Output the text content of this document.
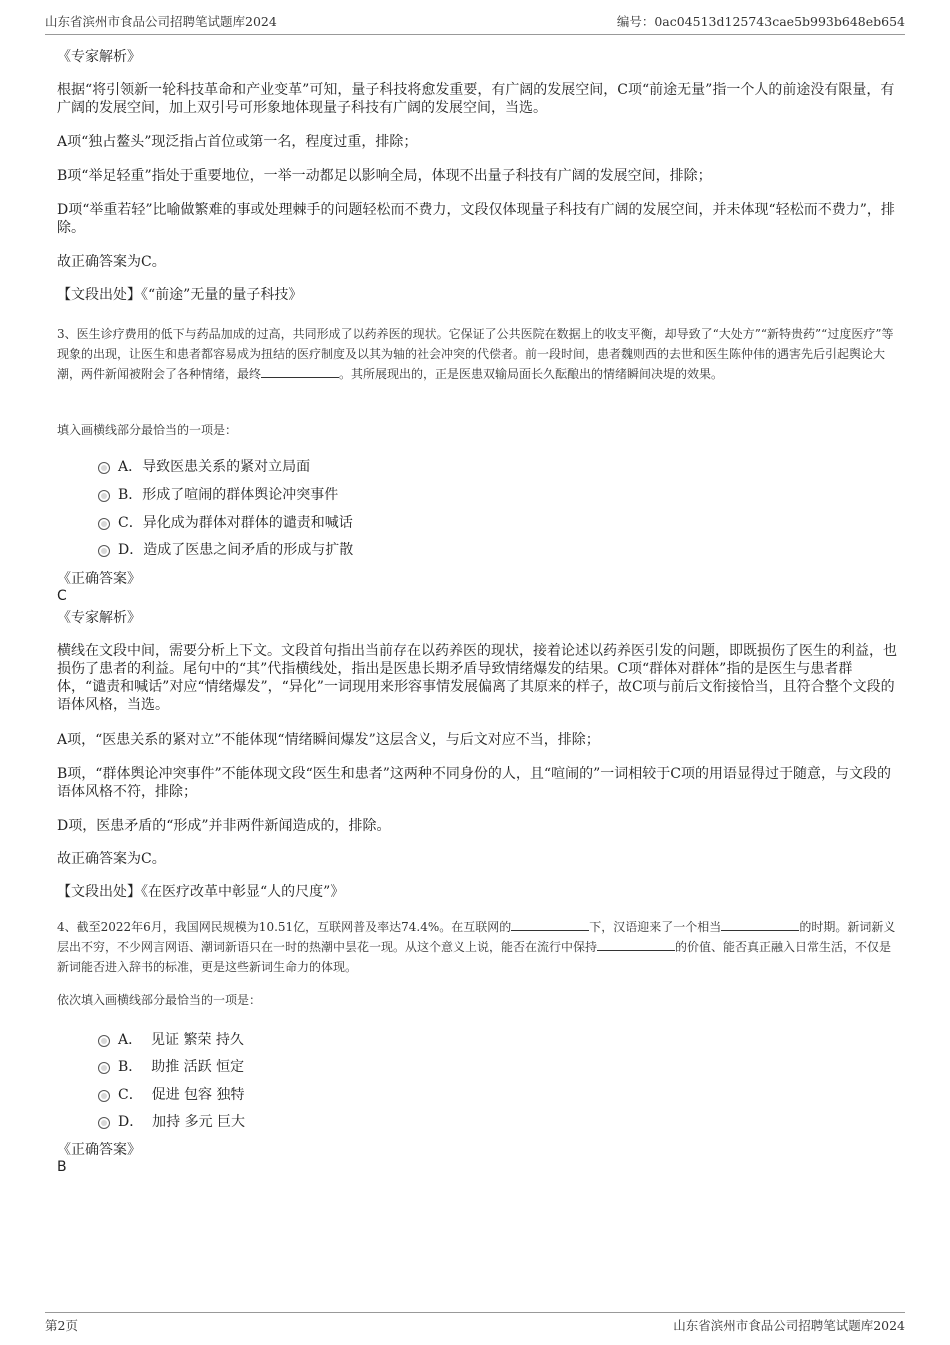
山东省滨州市食品公司招聘笔试题库2024	编号：0ac04513d125743cae5b993b648eb654
《专家解析》
根据“将引领新一轮科技革命和产业变革”可知，量子科技将愈发重要，有广阔的发展空间，C项“前途无量”指一个人的前途没有限量，有广阔的发展空间，加上双引号可形象地体现量子科技有广阔的发展空间，当选。
A项“独占鳌头”现泛指占首位或第一名，程度过重，排除；
B项“举足轻重”指处于重要地位，一举一动都足以影响全局，体现不出量子科技有广阔的发展空间，排除；
D项“举重若轻”比喻做繁难的事或处理棘手的问题轻松而不费力，文段仅体现量子科技有广阔的发展空间，并未体现“轻松而不费力”，排除。
故正确答案为C。
【文段出处】《“前途”无量的量子科技》
3、医生诊疗费用的低下与药品加成的过高，共同形成了以药养医的现状。它保证了公共医院在数据上的收支平衡，却导致了“大处方”“新特贵药”“过度医疗”等现象的出现，让医生和患者都容易成为扭结的医疗制度及以其为轴的社会冲突的代偿者。前一段时间，患者魏则西的去世和医生陈仲伟的遇害先后引起舆论大潮，两件新闻被附会了各种情绪，最终	。其所展现出的，正是医患双输局面长久酝酿出的情绪瞬间决堤的效果。
填入画横线部分最恰当的一项是：
A．导致医患关系的紧对立局面
B．形成了喧闹的群体舆论冲突事件
C．异化成为群体对群体的谴责和喊话
D．造成了医患之间矛盾的形成与扩散
《正确答案》
C
《专家解析》
横线在文段中间，需要分析上下文。文段首句指出当前存在以药养医的现状，接着论述以药养医引发的问题，即既损伤了医生的利益，也损伤了患者的利益。尾句中的“其”代指横线处，指出是医患长期矛盾导致情绪爆发的结果。C项“群体对群体”指的是医生与患者群体，“谴责和喊话”对应“情绪爆发”，“异化”一词现用来形容事情发展偏离了其原来的样子，故C项与前后文衔接恰当，且符合整个文段的语体风格，当选。
A项，“医患关系的紧对立”不能体现“情绪瞬间爆发”这层含义，与后文对应不当，排除；
B项，“群体舆论冲突事件”不能体现文段“医生和患者”这两种不同身份的人，且“喧闹的”一词相较于C项的用语显得过于随意，与文段的语体风格不符，排除；
D项，医患矛盾的“形成”并非两件新闻造成的，排除。
故正确答案为C。
【文段出处】《在医疗改革中彰显“人的尺度”》
4、截至2022年6月，我国网民规模为10.51亿，互联网普及率达74.4%。在互联网的	下，汉语迎来了一个相当	的时期。新词新义层出不穷，不少网言网语、潮词新语只在一时的热潮中昙花一现。从这个意义上说，能否在流行中保持	的价值、能否真正融入日常生活，不仅是新词能否进入辞书的标准，更是这些新词生命力的体现。
依次填入画横线部分最恰当的一项是：
A．  见证 繁荣 持久
B．  助推 活跃 恒定
C．  促进 包容 独特
D．  加持 多元 巨大
《正确答案》
B
第2页	山东省滨州市食品公司招聘笔试题库2024
